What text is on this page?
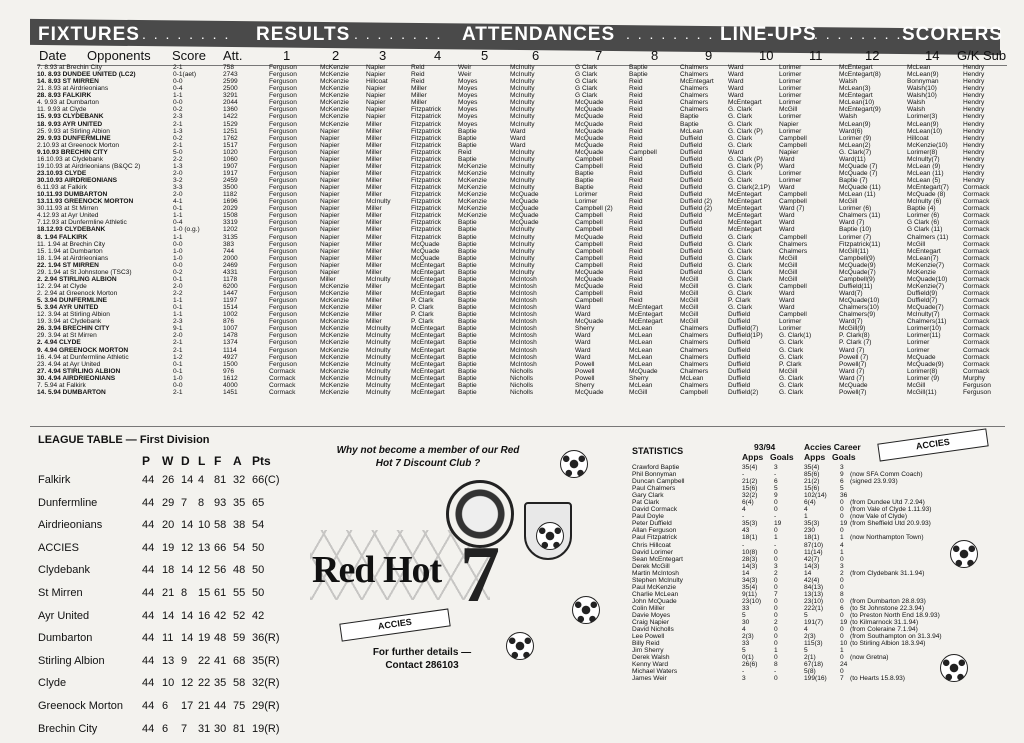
FIXTURES . . . . . . . . RESULTS . . . . . . . . ATTENDANCES . . . . . . . . LINE-UPS
. . . . . . . . SCORERS
Date Opponents Score Att.	1	2	3	4	5	6	7	8	9	10	11	12	14 G/K Sub
7. 8.93 at Brechin City	2-1	758	Ferguson	McKenzie	Napier	Reid	Weir	McInulty	G Clark	Baptie	Chalmers	Ward	Lorimer	McEntegart	McLean	Hendry
10. 8.93 DUNDEE UNITED (LC2)	0-1(aet)	2743	Ferguson	McKenzie	Napier	Reid	Weir	McInulty	G Clark	Baptie	Chalmers	Ward	Lorimer	McEntegart(8)	McLean(9)	Hendry
14. 8.93 ST MIRREN	0-0	2599	Ferguson	McKenzie	Hillcoat	Reid	Moyes	McInulty	G Clark	Reid	McEntegart	Ward	Lorimer	Walsh	Bonnyman	Hendry
21. 8.93 at Airdrieonians	0-4	2500	Ferguson	McKenzie	Napier	Miller	Moyes	McInulty	G Clark	Reid	Chalmers	Ward	Lorimer	McLean(3)	Walsh(10)	Hendry
28. 8.93 FALKIRK	1-1	3291	Ferguson	McKenzie	Napier	Miller	Moyes	McInulty	G Clark	Reid	Chalmers	Ward	Lorimer	McEntegart	Walsh(10)	Hendry
4. 9.93 at Dumbarton	0-0	2044	Ferguson	McKenzie	Napier	Miller	Moyes	McInulty	McQuade	Reid	Chalmers	McEntegart	Lorimer	McLean(10)	Walsh	Hendry
11. 9.93 at Clyde	0-2	1360	Ferguson	McKenzie	Napier	Fitzpatrick	Moyes	McInulty	McQuade	Reid	Chalmers	G. Clark	McGill	McEntegart(9)	Walsh	Hendry
15. 9.93 CLYDEBANK	2-3	1422	Ferguson	McKenzie	Napier	Fitzpatrick	Moyes	McInulty	McQuade	Reid	Baptie	G. Clark	Lorimer	Walsh	Lorimer(3)	Hendry
18. 9.93 AYR UNITED	2-1	1529	Ferguson	McKenzie	Miller	Fitzpatrick	Moyes	McInulty	McQuade	Reid	Baptie	G. Clark	Napier	McLean(9)	McLean(9)	Hendry
25. 9.93 at Stirling Albion	1-3	1251	Ferguson	Napier	Miller	Fitzpatrick	Baptie	Ward	McQuade	Reid	McLean	G. Clark (P)	Lorimer	Ward(6)	McLean(10)	Hendry
29. 9.93 DUNFERMLINE	0-2	1762	Ferguson	Napier	Miller	Fitzpatrick	Baptie	Ward	McQuade	Reid	Duffield	G. Clark	Campbell	Lorimer (9)	Hillcoat	Hendry
2.10.93 at Greenock Morton	2-1	1517	Ferguson	Napier	Miller	Fitzpatrick	Baptie	Ward	McQuade	Reid	Duffield	G. Clark	Campbell	McLean(2)	McKenzie(10)	Hendry
9.10.93 BRECHIN CITY	5-0	1020	Ferguson	Napier	Miller	Fitzpatrick	Reid	McInulty	McQuade	Campbell	Duffield	Ward	Napier	G. Clark(7)	Lorimer(8)	Hendry
16.10.93 at Clydebank	2-2	1060	Ferguson	Napier	Miller	Fitzpatrick	Baptie	McInulty	Campbell	Reid	Duffield	G. Clark (P)	Ward	Ward(11)	McInulty(7)	Hendry
19.10.93 at Airdrieonians (B&QC 2)	1-3	1907	Ferguson	Napier	Miller	Fitzpatrick	McKenzie	McInulty	Campbell	Reid	Duffield	G. Clark (P)	Ward	McQuade (7)	McLean (9)	Hendry
23.10.93 CLYDE	2-0	1917	Ferguson	Napier	Miller	Fitzpatrick	McKenzie	McInulty	Baptie	Reid	Duffield	G. Clark	Lorimer	McQuade (7)	McLean (11)	Hendry
30.10.93 AIRDRIEONIANS	3-2	2459	Ferguson	Napier	Miller	Fitzpatrick	McKenzie	McInulty	Baptie	Reid	Duffield	G. Clark	Lorimer	Baptie (7)	McLean (5)	Hendry
6.11.93 at Falkirk	3-3	3500	Ferguson	Napier	Miller	Fitzpatrick	McKenzie	McInulty	Baptie	Reid	Duffield	G. Clark(2,1P)	Ward	McQuade (11)	McEntegart(7)	Cormack
10.11.93 DUMBARTON	2-0	1182	Ferguson	Napier	Miller	Fitzpatrick	McKenzie	McQuade	Lorimer	Reid	Duffield	McEntegart	Campbell	McLean (11)	McQuade (8)	Cormack
13.11.93 GREENOCK MORTON	4-1	1696	Ferguson	Napier	McInulty	Fitzpatrick	McKenzie	McQuade	Lorimer	Reid	Duffield (2)	McEntegart	Campbell	McGill	McInulty (6)	Cormack
30.11.93 at St Mirren	0-1	2029	Ferguson	Napier	Miller	Fitzpatrick	McKenzie	McQuade	Campbell (2)	Reid	Duffield (2)	McEntegart	Ward (7)	Lorimer (6)	Baptie (4)	Cormack
4.12.93 at Ayr United	1-1	1508	Ferguson	Napier	Miller	Fitzpatrick	McKenzie	McQuade	Campbell	Reid	Duffield	McEntegart	Ward	Chalmers (11)	Lorimer (6)	Cormack
7.12.93 at Dunfermline Athletic	0-4	3319	Ferguson	Napier	Miller	Fitzpatrick	Baptie	McQuade	Campbell	Reid	Duffield	McEntegart	Ward	Ward (7)	G Clark (6)	Cormack
18.12.93 CLYDEBANK	1-0 (o.g.)	1202	Ferguson	Napier	Miller	Fitzpatrick	Baptie	McInulty	Campbell	Reid	Duffield	McEntegart	Ward	Baptie (10)	G Clark (11)	Cormack
8. 1.94 FALKIRK	1-1	3135	Ferguson	Napier	Miller	Fitzpatrick	Baptie	McInulty	McQuade	Reid	Duffield	G. Clark	Campbell	Lorimer (7)	Chalmers (11)	Cormack
11. 1.94 at Brechin City	0-0	383	Ferguson	Napier	Miller	McQuade	Baptie	McInulty	Campbell	Reid	Duffield	G. Clark	Chalmers	Fitzpatrick(11)	McGill	Cormack
15. 1.94 at Dumbarton	1-0	744	Ferguson	Napier	Miller	McQuade	Baptie	McInulty	Campbell	Reid	Duffield	G. Clark	Chalmers	McGill(11)	McEntegart	Cormack
18. 1.94 at Airdrieonians	1-0	2000	Ferguson	Napier	Miller	McQuade	Baptie	McInulty	Campbell	Reid	Duffield	G. Clark	McGill	Campbell(9)	McLean(7)	Cormack
22. 1.94 ST MIRREN	0-0	2469	Ferguson	Napier	Miller	McEntegart	Baptie	McInulty	Campbell	Reid	Duffield	G. Clark	McGill	McQuade(9)	McKenzie(7)	Cormack
29. 1.94 at St Johnstone (TSC3)	0-2	4331	Ferguson	Napier	Miller	McEntegart	Baptie	McInulty	McQuade	Reid	Duffield	G. Clark	McGill	McQuade(7)	McKenzie	Cormack
2. 2.94 STIRLING ALBION	0-1	1178	Ferguson	Miller	McInulty	McEntegart	Baptie	McIntosh	McQuade	Reid	McGill	G. Clark	McGill	Campbell(9)	McQuade(10)	Cormack
12. 2.94 at Clyde	2-0	6200	Ferguson	McKenzie	Miller	McEntegart	Baptie	McIntosh	McQuade	Reid	McGill	G. Clark	Campbell	Duffield(11)	McKenzie(7)	Cormack
2. 2.94 at Greenock Morton	2-2	1447	Ferguson	McKenzie	Miller	McEntegart	Baptie	McIntosh	Campbell	Reid	McGill	G. Clark	Ward	Ward(7)	Duffield(9)	Cormack
5. 3.94 DUNFERMLINE	1-1	1197	Ferguson	McKenzie	Miller	P. Clark	Baptie	McIntosh	Campbell	Reid	McGill	P. Clark	Ward	McQuade(10)	Duffield(7)	Cormack
5. 3.94 AYR UNITED	0-1	1514	Ferguson	McKenzie	Miller	P. Clark	Baptie	McIntosh	Ward	McEntegart	McGill	G. Clark	Ward	Chalmers(10)	McQuade(7)	Cormack
12. 3.94 at Stirling Albion	1-1	1002	Ferguson	McKenzie	Miller	P. Clark	Baptie	McIntosh	Ward	McEntegart	McGill	Duffield	Campbell	Chalmers(9)	McInulty(7)	Cormack
19. 3.94 at Clydebank	2-3	876	Ferguson	McKenzie	Miller	P. Clark	Baptie	McIntosh	McQuade	McEntegart	McGill	Duffield	Lorimer	Ward(7)	Chalmers(11)	Cormack
26. 3.94 BRECHIN CITY	9-1	1007	Ferguson	McKenzie	McInulty	McEntegart	Baptie	McIntosh	Sherry	McLean	Chalmers	Duffield(7)	Lorimer	McGill(9)	Lorimer(10)	Cormack
29. 3.94 at St Mirren	2-0	1478	Ferguson	McKenzie	McInulty	McEntegart	Baptie	McIntosh	Ward	McLean	Chalmers	Duffield(1P)	G. Clark(1)	P. Clark(8)	Lorimer(11)	Cormack
2. 4.94 CLYDE	2-1	1374	Ferguson	McKenzie	McInulty	McEntegart	Baptie	McIntosh	Ward	McLean	Chalmers	Duffield	G. Clark	P. Clark (7)	Lorimer	Cormack
9. 4.94 GREENOCK MORTON	2-1	1114	Ferguson	McKenzie	McInulty	McEntegart	Baptie	McIntosh	Ward	McLean	Chalmers	Duffield	G. Clark	Ward (7)	Lorimer	Cormack
16. 4.94 at Dunfermline Athletic	1-2	4927	Ferguson	McKenzie	McInulty	McEntegart	Baptie	McIntosh	Ward	McLean	Chalmers	Duffield	G. Clark	Powell (7)	McQuade	Cormack
23. 4.94 at Ayr United	0-1	1500	Ferguson	McKenzie	McInulty	McEntegart	Baptie	McIntosh	Powell	McLean	Chalmers	Duffield	P. Clark	Powell(7)	McQuade(9)	Cormack
27. 4.94 STIRLING ALBION	0-1	976	Cormack	McKenzie	McInulty	McEntegart	Baptie	Nicholls	Powell	McQuade	Chalmers	Duffield	McGill	Ward (7)	Lorimer(8)	Cormack
30. 4.94 AIRDRIEONIANS	1-0	1612	Cormack	McKenzie	McInulty	McEntegart	Baptie	Nicholls	Powell	Sherry	McLean	Duffield	G. Clark	Ward (7)	Lorimer (9)	Murphy
7. 5.94 at Falkirk	0-0	4000	Cormack	McKenzie	McInulty	McEntegart	Baptie	Nicholls	Sherry	McLean	Chalmers	Duffield	G. Clark	McQuade	McGill	Ferguson
14. 5.94 DUMBARTON	2-1	1451	Cormack	McKenzie	McInulty	McEntegart	Baptie	Nicholls	McQuade	McGill	Campbell	Duffield(2)	G. Clark	Powell(7)	McGill(11)	Ferguson
LEAGUE TABLE — First Division
P W D L F A Pts
Falkirk	44 26 14 4 81 32 66(C)
Dunfermline	44 29 7 8 93 35 65
Airdrieonians	44 20 14 10 58 38 54
ACCIES	44 19 12 13 66 54 50
Clydebank	44 18 14 12 56 48 50
St Mirren	44 21 8 15 61 55 50
Ayr United	44 14 14 16 42 52 42
Dumbarton	44 11 14 19 48 59 36(R)
Stirling Albion	44 13 9 22 41 68 35(R)
Clyde	44 10 12 22 35 58 32(R)
Greenock Morton 44 6 17 21 44 75 29(R)
Brechin City	44 6 7 31 30 81 19(R)
Why not become a member of our Red Hot 7 Discount Club ?
Red Hot 7
ACCIES
For further details —
Contact 286103
ACCIES
STATISTICS	93/94
Apps Goals
Accies Career
Apps Goals
Crawford Baptie	35(4)	3	35(4)	3
Phil Bonnyman	-	-	85(6)	9 (now SFA Comm Coach)
Duncan Campbell	21(2)	6	21(2)	6 (signed 23.9.93)
Paul Chalmers	15(6)	5	15(6)	5
Gary Clark	32(2)	9	102(14) 36
Pat Clark	6(4)	0	6(4)	0 (from Dundee Utd 7.2.94)
David Cormack	4	0	4	0 (from Vale of Clyde 1.11.93)
Paul Doyle	-	-	1	0 (now Vale of Clyde)
Peter Duffield	35(3)	19	35(3)	19 (from Sheffield Utd 20.9.93)
Allan Ferguson	43	0	230	0
Paul Fitzpatrick	18(1)	1	18(1)	1 (now Northampton Town)
Chris Hillcoat	-	-	87(10)	4
David Lorimer	10(8)	0	11(14)	1
Sean McEntegart	28(3)	0	42(7)	0
Derek McGill	14(3)	3	14(3)	3
Martin McIntosh	14	2	14	2 (from Clydebank 31.1.94)
Stephen McInulty	34(3)	0	42(4)	0
Paul McKenzie	35(4)	0	84(13)	0
Charlie McLean	9(11)	7	13(13)	8
John McQuade	23(10) 0	23(10)	0 (from Dumbarton 28.8.93)
Colin Miller	33	0	222(1)	6 (to St Johnstone 22.3.94)
Davie Moyes	5	0	5	0 (to Preston North End 18.9.93)
Craig Napier	30	2	191(7)	19 (to Kilmarnock 31.1.94)
David Nicholls	4	0	4	0 (from Coleraine 7.1.94)
Lee Powell	2(3)	0	2(3)	0 (from Southampton on 31.3.94)
Billy Reid	33	0	115(3)	10 (to Stirling Albion 18.3.94)
Jim Sherry	5	1	5	1
Derek Walsh	0(1)	0	2(1)	0 (now Gretna)
Kenny Ward	26(6)	8	67(18)	24
Michael Waters	-	-	5(8)	0
James Weir	3	0	199(16) 7 (to Hearts 15.8.93)
